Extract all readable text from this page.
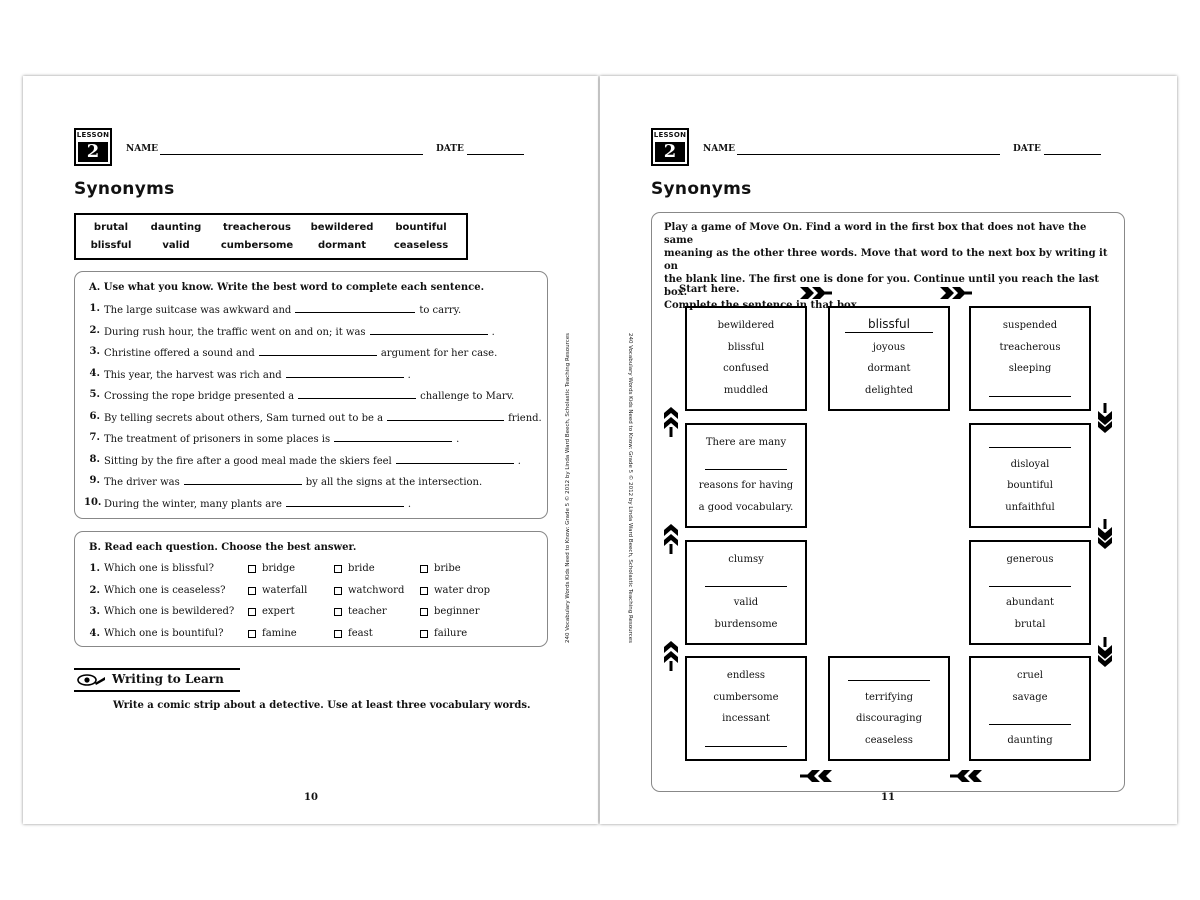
LESSON
2	NAME	DATE
Synonyms
brutal	daunting	treacherous	bewildered	bountiful
blissful	valid	cumbersome	dormant	ceaseless
A. Use what you know. Write the best word to complete each sentence.
1. The large suitcase was awkward and	to carry.
2. During rush hour, the traffic went on and on; it was	.
3. Christine offered a sound and	argument for her case.
4. This year, the harvest was rich and	.
5. Crossing the rope bridge presented a	challenge to Marv.
6. By telling secrets about others, Sam turned out to be a	friend.
7. The treatment of prisoners in some places is	.
8. Sitting by the fire after a good meal made the skiers feel	.
9. The driver was	by all the signs at the intersection.
10. During the winter, many plants are	.
B. Read each question. Choose the best answer.
1. Which one is blissful?	bridge	bride	bribe
2. Which one is ceaseless?	waterfall	watchword	water drop
3. Which one is bewildered?	expert	teacher	beginner
4. Which one is bountiful?	famine	feast	failure
Writing to Learn
Write a comic strip about a detective. Use at least three vocabulary words.
10
240 Vocabulary Words Kids Need to Know: Grade 5 © 2012 by Linda Ward Beech, Scholastic Teaching Resources
LESSON
2	NAME	DATE
Synonyms
Play a game of Move On. Find a word in the first box that does not have the same
meaning as the other three words. Move that word to the next box by writing it on
the blank line. The first one is done for you. Continue until you reach the last box.
Complete the sentence in that box.
Start here.
bewildered
blissful
confused
muddled
blissful
joyous
dormant
delighted
suspended
treacherous
sleeping
disloyal
bountiful
unfaithful
generous
abundant
brutal
cruel
savage
daunting
terrifying
discouraging
ceaseless
endless
cumbersome
incessant
clumsy
valid
burdensome
There are many
reasons for having
a good vocabulary.
11
240 Vocabulary Words Kids Need to Know: Grade 5 © 2012 by Linda Ward Beech, Scholastic Teaching Resources
